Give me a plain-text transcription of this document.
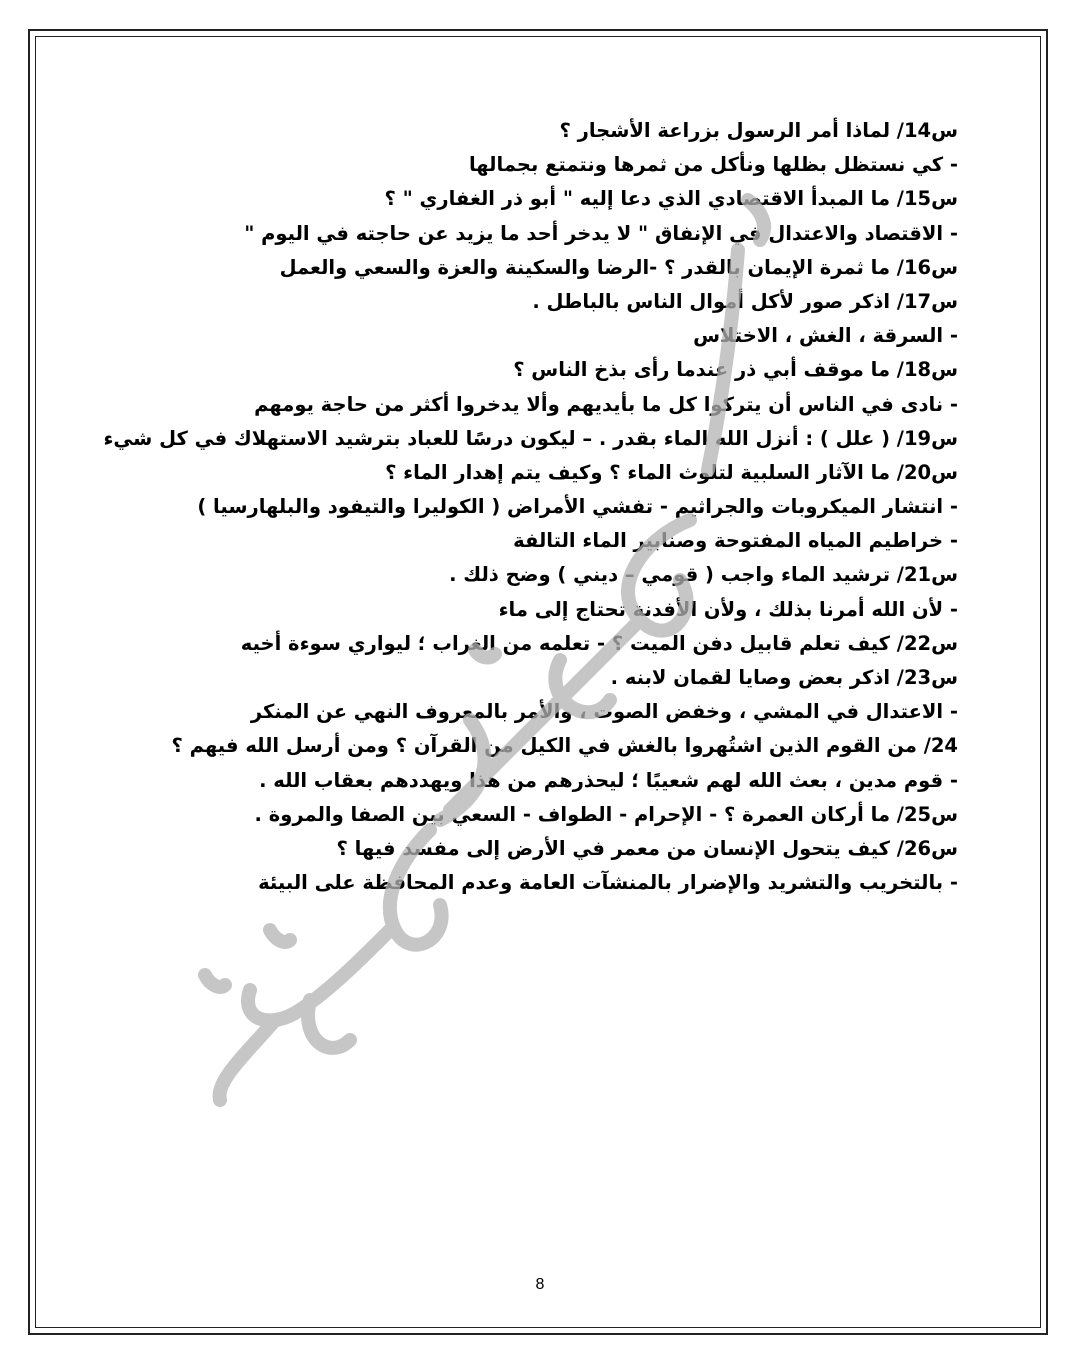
س14/ لماذا أمر الرسول بزراعة الأشجار ؟
- كي نستظل بظلها ونأكل من ثمرها ونتمتع بجمالها
س15/ ما المبدأ الاقتصادي الذي دعا إليه " أبو ذر الغفاري " ؟
- الاقتصاد والاعتدال في الإنفاق " لا يدخر أحد ما يزيد عن حاجته في اليوم "
س16/ ما ثمرة الإيمان بالقدر ؟ -الرضا والسكينة والعزة والسعي والعمل
س17/ اذكر صور لأكل أموال الناس بالباطل .
- السرقة ، الغش ، الاختلاس
س18/ ما موقف أبي ذر عندما رأى بذخ الناس ؟
- نادى في الناس أن يتركوا كل ما بأيديهم وألا يدخروا أكثر من حاجة يومهم
س19/ ( علل ) : أنزل الله الماء بقدر . – ليكون درسًا للعباد بترشيد الاستهلاك في كل شيء
س20/ ما الآثار السلبية لتلوث الماء ؟ وكيف يتم إهدار الماء ؟
- انتشار الميكروبات والجراثيم - تفشي الأمراض ( الكوليرا والتيفود والبلهارسيا )
- خراطيم المياه المفتوحة وصنابير الماء التالفة
س21/ ترشيد الماء واجب ( قومي – ديني ) وضح ذلك .
- لأن الله أمرنا بذلك ، ولأن الأفدنة تحتاج إلى ماء
س22/ كيف تعلم قابيل دفن الميت ؟ - تعلمه من الغراب ؛ ليواري سوءة أخيه
س23/ اذكر بعض وصايا لقمان لابنه .
- الاعتدال في المشي ، وخفض الصوت ، والأمر بالمعروف النهي عن المنكر
24/ من القوم الذين اشتُهروا بالغش في الكيل من القرآن ؟ ومن أرسل الله فيهم ؟
- قوم مدين ، بعث الله لهم شعيبًا ؛ ليحذرهم من هذا ويهددهم بعقاب الله .
س25/ ما أركان العمرة ؟ - الإحرام - الطواف - السعي بين الصفا والمروة .
س26/ كيف يتحول الإنسان من معمر في الأرض إلى مفسد فيها ؟
- بالتخريب والتشريد والإضرار بالمنشآت العامة وعدم المحافظة على البيئة
8
